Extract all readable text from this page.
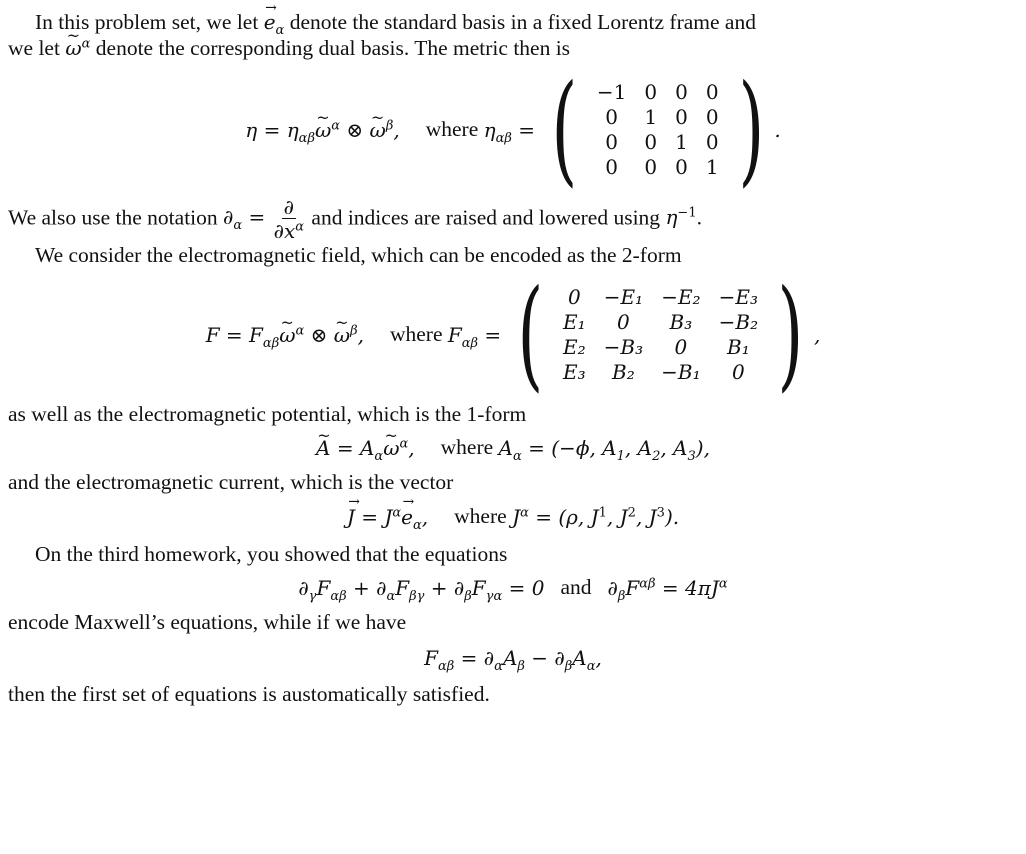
In this problem set, we let → $e_\alpha$ denote the standard basis in a fixed Lorentz frame and

we let ~ $\omega^\alpha$ denote the corresponding dual basis. The metric then is

$\eta = \eta_{\alpha\beta}\sim$ $\omega^\alpha$ ⊗ ~ $\omega^\beta$, where
$\eta_{\alpha\beta}$ = ( −1	0	0	0
0	1	0	0
0	0	1	0
0	0	0	1 ) .

We also use the notation $\partial_\alpha = \frac{\partial}{\partial x^\alpha}$ and indices are raised and lowered using $\eta^{-1}$.

We consider the electromagnetic field, which can be encoded as the 2-form

$F = F_{\alpha\beta}\sim$ $\omega^\alpha$ ⊗ ~ $\omega^\beta$, where
$F_{\alpha\beta}$ = ( 0	−E₁	−E₂	−E₃
E₁	0	B₃	−B₂
E₂	−B₃	0	B₁
E₃	B₂	−B₁	0 ) ,

as well as the electromagnetic potential, which is the 1-form

~ $A = A_\alpha\sim$ $\omega^\alpha$, where
$A_\alpha = (-\phi$, $A_1$, $A_2$, $A_3$),

and the electromagnetic current, which is the vector

→ $J = J^\alpha\to e_\alpha$, where
$J^\alpha = (\rho$, $J^1$, $J^2$, $J^3$).

On the third homework, you showed that the equations

$\partial_\gamma F_{\alpha\beta} + \partial_\alpha F_{\beta\gamma} + \partial_\beta F_{\gamma\alpha} = 0$ and $\partial_\beta F^{\alpha\beta} = 4\pi J^\alpha$

encode Maxwell’s equations, while if we have

$F_{\alpha\beta} = \partial_\alpha A_\beta - \partial_\beta A_\alpha$,

then the first set of equations is austomatically satisfied.
